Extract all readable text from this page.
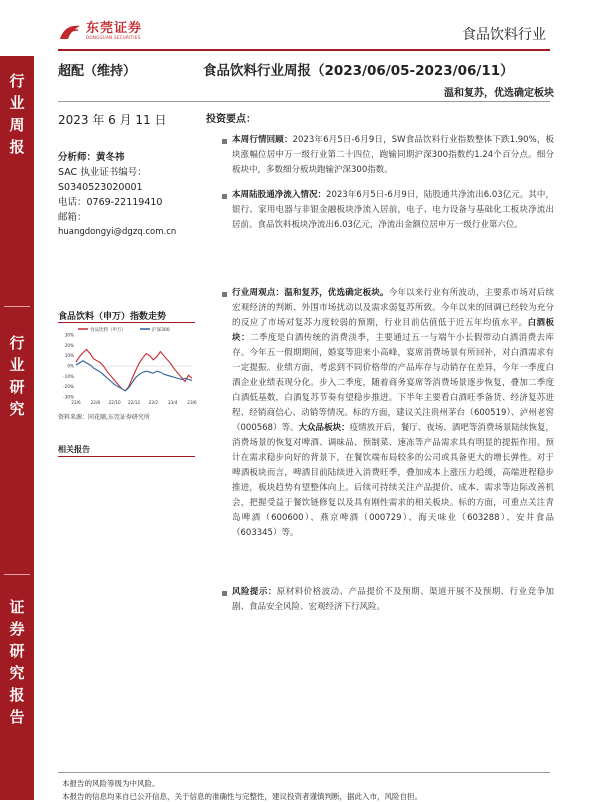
东莞证券
DONGGUAN SECURITIES	食品饮料行业
行
业
周
报
行
业
研
究
证
券
研
究
报
告
超配（维持）	食品饮料行业周报（2023/06/05-2023/06/11）
温和复苏，优选确定板块
2023 年 6 月 11 日
分析师：黄冬祎
SAC 执业证书编号：
S0340523020001
电话：0769-22119410
邮箱：
huangdongyi@dgzq.com.cn
食品饮料（申万）指数走势
食品饮料（申万）	沪深300
30%
20%
10%
0%
-10%
-20%
-30%
22/6 22/8 22/10 22/12 23/2 23/4 23/6
资料来源：同花顺,东莞证券研究所
相关报告
投资要点：
本周行情回顾：2023年6月5日-6月9日，SW食品饮料行业指数整体下跌1.90%，板块涨幅位居申万一级行业第二十四位，跑输同期沪深300指数约1.24个百分点。细分板块中，多数细分板块跑输沪深300指数。
本周陆股通净流入情况：2023年6月5日-6月9日，陆股通共净流出6.03亿元。其中，银行、家用电器与非银金融板块净流入居前，电子、电力设备与基础化工板块净流出居前。食品饮料板块净流出6.03亿元，净流出金额位居申万一级行业第六位。
行业周观点：温和复苏，优选确定板块。今年以来行业有所波动，主要系市场对后续宏观经济的判断、外围市场扰动以及需求弱复苏所致。今年以来的回调已经较为充分的反应了市场对复苏力度较弱的预期，行业目前估值低于近五年均值水平。白酒板块：二季度是白酒传统的消费淡季，主要通过五一与端午小长假带动白酒消费去库存。今年五一假期期间，婚宴等迎来小高峰，宴席消费场景有所回补，对白酒需求有一定提振。业绩方面，考虑到不同价格带的产品库存与动销存在差异，今年一季度白酒企业业绩表现分化。步入二季度，随着商务宴席等消费场景逐步恢复，叠加二季度白酒低基数，白酒复苏节奏有望稳步推进。下半年主要看白酒旺季备货、经济复苏进程、经销商信心、动销等情况。标的方面，建议关注贵州茅台（600519）、泸州老窖（000568）等。大众品板块：疫情放开后，餐厅、夜场、酒吧等消费场景陆续恢复，消费场景的恢复对啤酒、调味品、预制菜、速冻等产品需求具有明显的提振作用。预计在需求稳步向好的背景下，在餐饮端布局较多的公司或具备更大的增长弹性。对于啤酒板块而言，啤酒目前陆续进入消费旺季，叠加成本上涨压力趋缓，高端进程稳步推进，板块趋势有望整体向上。后续可持续关注产品提价、成本、需求等边际改善机会，把握受益于餐饮链修复以及具有刚性需求的相关板块。标的方面，可重点关注青岛啤酒（600600）、燕京啤酒（000729）、海天味业（603288）、安井食品（603345）等。
风险提示：原材料价格波动、产品提价不及预期、渠道开展不及预期、行业竞争加剧、食品安全风险、宏观经济下行风险。
本报告的风险等级为中风险。
本报告的信息均来自已公开信息，关于信息的准确性与完整性，建议投资者谨慎判断，据此入市，风险自担。
